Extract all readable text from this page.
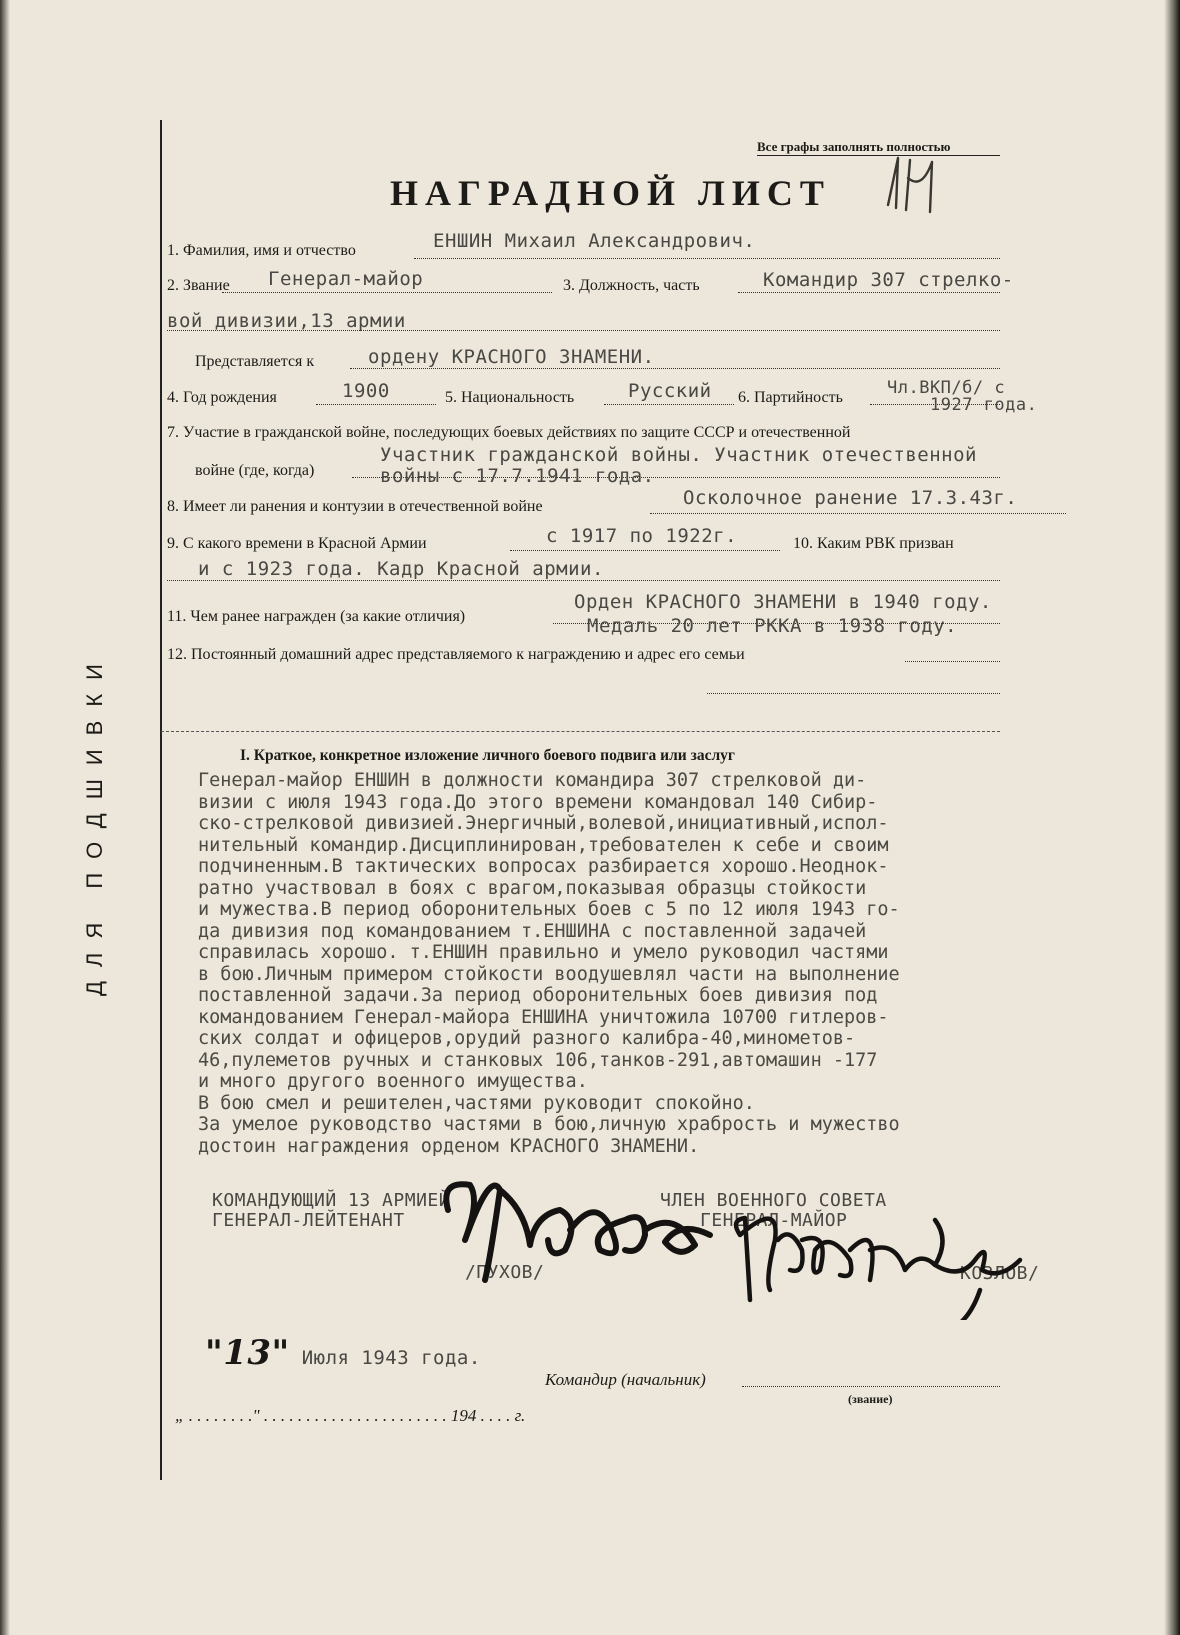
ДЛЯ ПОДШИВКИ
Все графы заполнять полностью
НАГРАДНОЙ ЛИСТ
1. Фамилия, имя и отчество	ЕНШИН Михаил Александрович.
2. Звание Генерал-майор	3. Должность, часть	Командир 307 стрелко-
вой дивизии,13 армии
Представляется к	ордену КРАСНОГО ЗНАМЕНИ.
4. Год рождения	1900	5. Национальность	Русский 6. Партийность	Чл.ВКП/б/ с
1927 года.
7. Участие в гражданской войне, последующих боевых действиях по защите СССР и отечественной
войне (где, когда)
Участник гражданской войны. Участник отечественной
войны с 17.7.1941 года.
8. Имеет ли ранения и контузии в отечественной войне	Осколочное ранение 17.3.43г.
9. С какого времени в Красной Армии	с 1917 по 1922г.	10. Каким РВК призван
и с 1923 года. Кадр Красной армии.
11. Чем ранее награжден (за какие отличия)
Орден КРАСНОГО ЗНАМЕНИ в 1940 году.
Медаль 20 лет РККА в 1938 году.
12. Постоянный домашний адрес представляемого к награждению и адрес его семьи
I. Краткое, конкретное изложение личного боевого подвига или заслуг
Генерал-майор ЕНШИН в должности командира 307 стрелковой ди-
визии с июля 1943 года.До этого времени командовал 140 Сибир-
ско-стрелковой дивизией.Энергичный,волевой,инициативный,испол-
нительный командир.Дисциплинирован,требователен к себе и своим
подчиненным.В тактических вопросах разбирается хорошо.Неоднок-
ратно участвовал в боях с врагом,показывая образцы стойкости
и мужества.В период оборонительных боев с 5 по 12 июля 1943 го-
да дивизия под командованием т.ЕНШИНА с поставленной задачей
справилась хорошо. т.ЕНШИН правильно и умело руководил частями
в бою.Личным примером стойкости воодушевлял части на выполнение
поставленной задачи.За период оборонительных боев дивизия под
командованием Генерал-майора ЕНШИНА уничтожила 10700 гитлеров-
ских солдат и офицеров,орудий разного калибра-40,минометов-
46,пулеметов ручных и станковых 106,танков-291,автомашин -177
и много другого военного имущества.
В бою смел и решителен,частями руководит спокойно.
За умелое руководство частями в бою,личную храбрость и мужество
достоин награждения орденом КРАСНОГО ЗНАМЕНИ.
КОМАНДУЮЩИЙ 13 АРМИЕЙ
ГЕНЕРАЛ-ЛЕЙТЕНАНТ
/ПУХОВ/
ЧЛЕН ВОЕННОГО СОВЕТА
ГЕНЕРАЛ-МАЙОР
КОЗЛОВ/
"13" Июля 1943 года.
Командир (начальник)
(звание)
„ . . . . . . . ." . . . . . . . . . . . . . . . . . . . . . . 194 . . . . г.
